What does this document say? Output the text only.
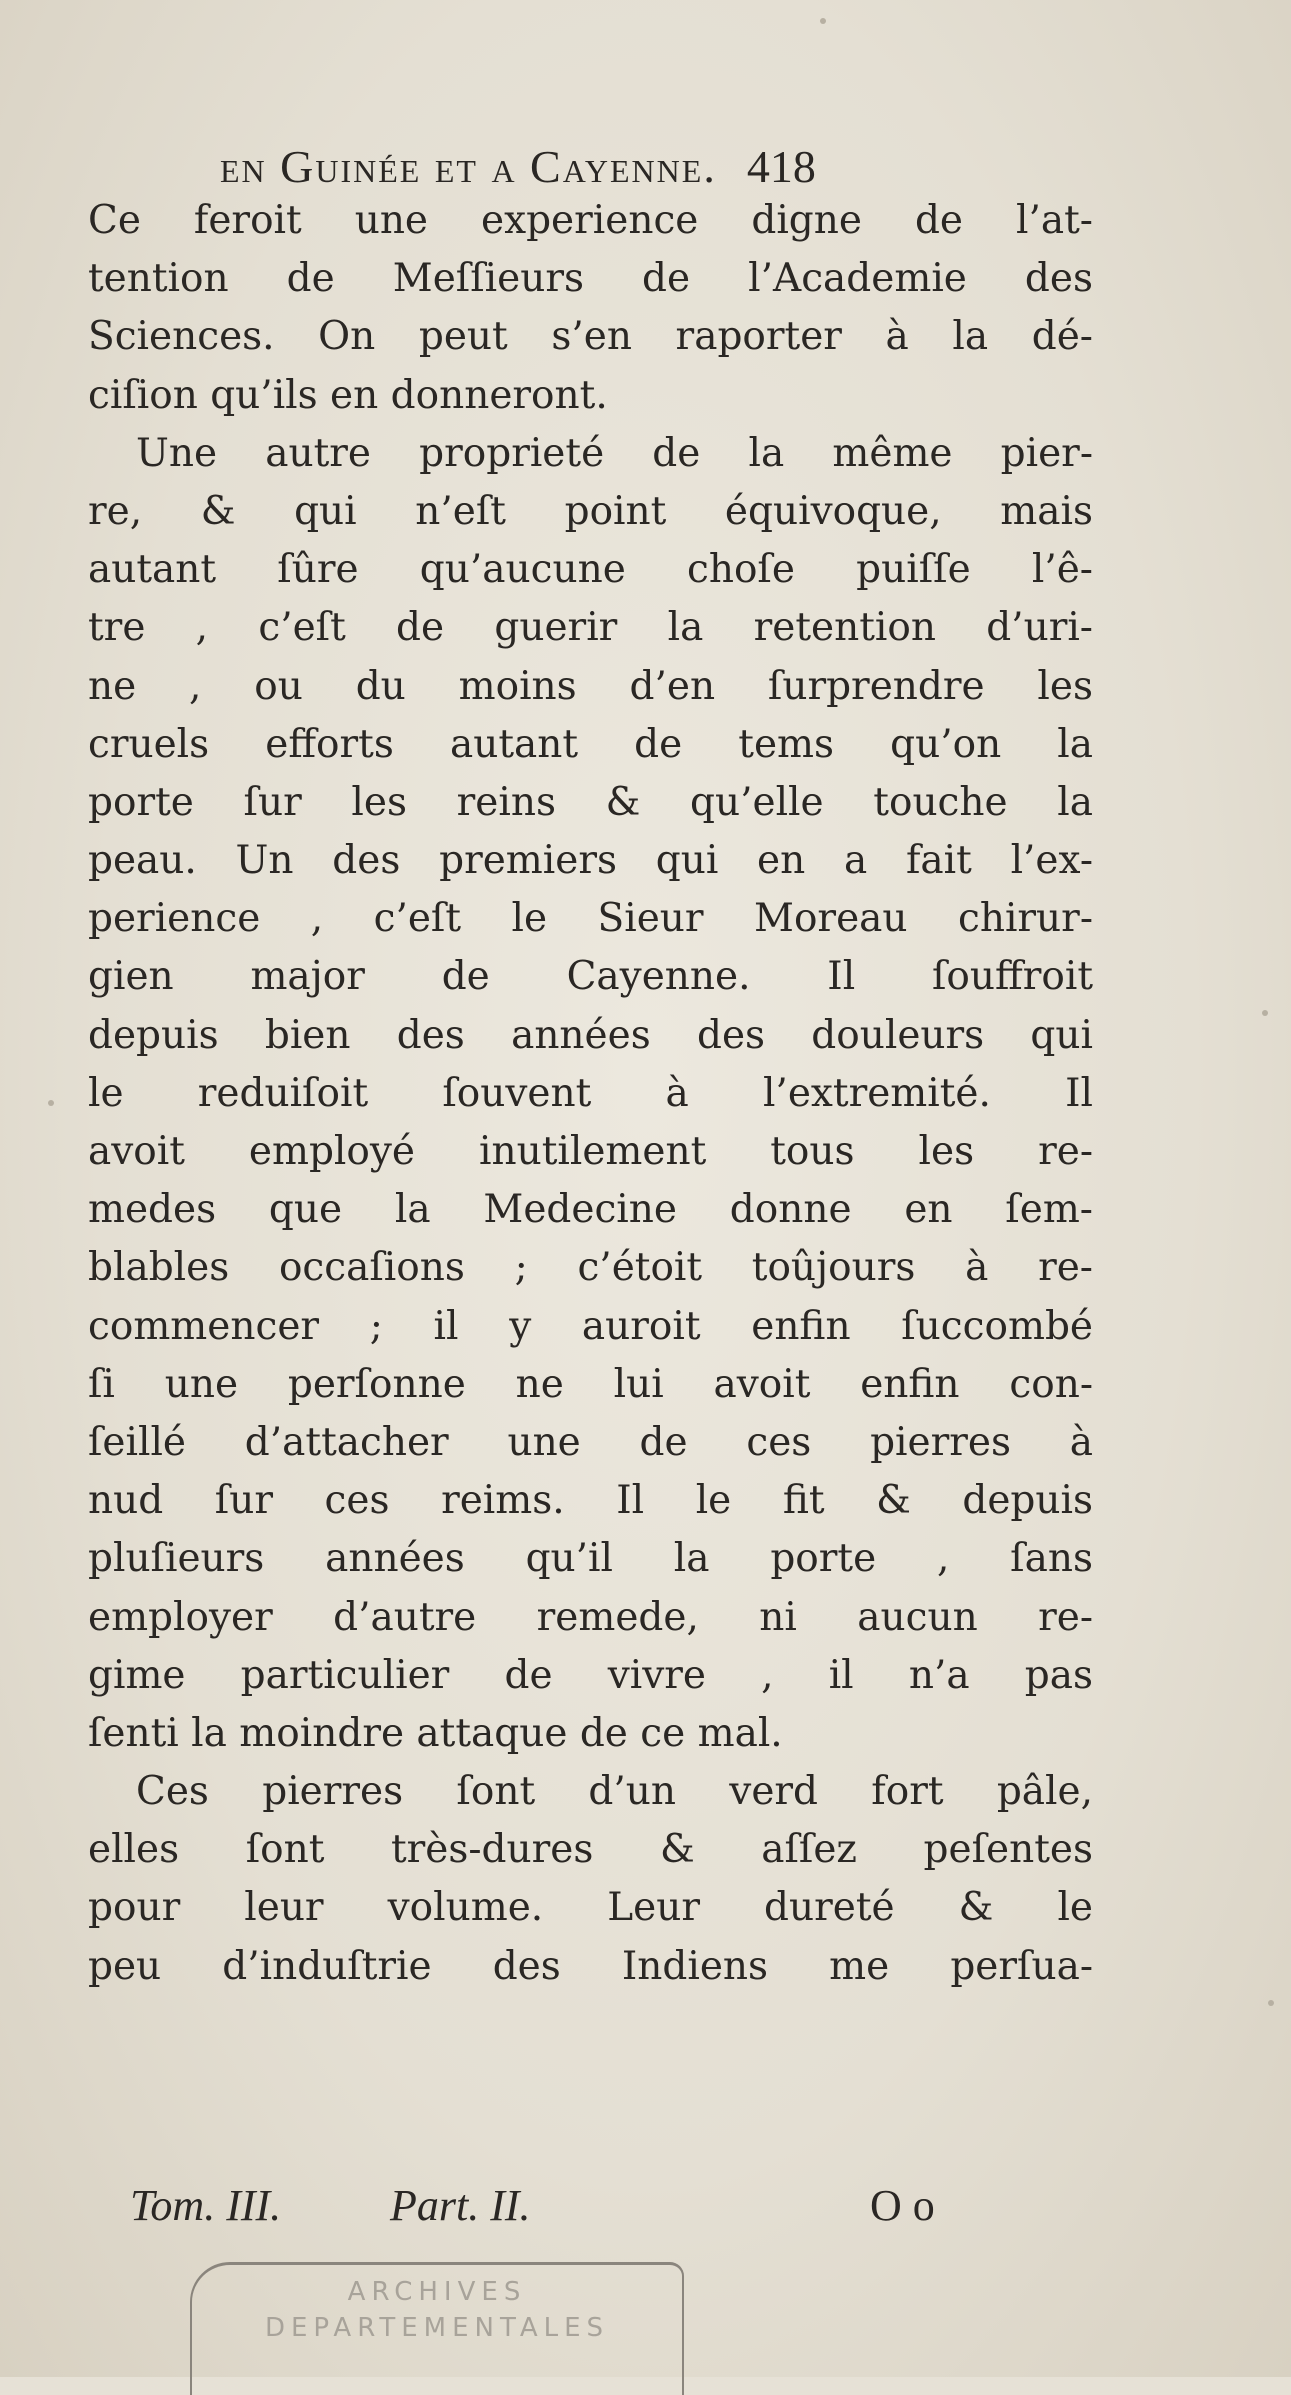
en Guinée et a Cayenne. 418
Ce feroit une experience digne de l’at-
tention de Meſſieurs de l’Academie des
Sciences. On peut s’en raporter à la dé-
ciſion qu’ils en donneront.
Une autre proprieté de la même pier-
re, & qui n’eſt point équivoque, mais
autant ſûre qu’aucune choſe puiſſe l’ê-
tre , c’eſt de guerir la retention d’uri-
ne , ou du moins d’en ſurprendre les
cruels efforts autant de tems qu’on la
porte ſur les reins & qu’elle touche la
peau. Un des premiers qui en a fait l’ex-
perience , c’eſt le Sieur Moreau chirur-
gien major de Cayenne. Il ſouffroit
depuis bien des années des douleurs qui
le reduiſoit ſouvent à l’extremité. Il
avoit employé inutilement tous les re-
medes que la Medecine donne en ſem-
blables occaſions ; c’étoit toûjours à re-
commencer ; il y auroit enfin ſuccombé
ſi une perſonne ne lui avoit enfin con-
ſeillé d’attacher une de ces pierres à
nud ſur ces reims. Il le fit & depuis
pluſieurs années qu’il la porte , ſans
employer d’autre remede, ni aucun re-
gime particulier de vivre , il n’a pas
ſenti la moindre attaque de ce mal.
Ces pierres ſont d’un verd fort pâle,
elles ſont très-dures & aſſez peſentes
pour leur volume. Leur dureté & le
peu d’induſtrie des Indiens me perſua-
Tom. III. Part. II.	O o
ARCHIVES
DEPARTEMENTALES
